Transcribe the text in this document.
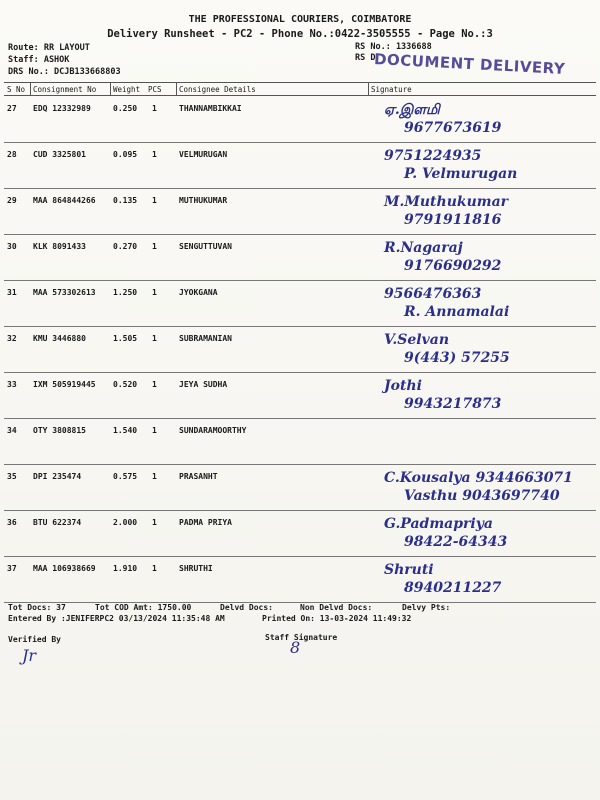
THE PROFESSIONAL COURIERS, COIMBATORE
Delivery Runsheet - PC2 - Phone No.:0422-3505555 - Page No.:3
Route: RR LAYOUT
Staff: ASHOK
DRS No.: DCJB133668803
RS No.: 1336688
RS D
DOCUMENT DELIVERY
S No Consignment No Weight PCS Consignee Details	Signature
27 EDQ 12332989	0.250 1	THANNAMBIKKAI	ஏ.இளமி
9677673619
28 CUD 3325801	0.095 1	VELMURUGAN	9751224935
P. Velmurugan
29 MAA 864844266 0.135 1	MUTHUKUMAR	M.Muthukumar
9791911816
30 KLK 8091433	0.270 1	SENGUTTUVAN	R.Nagaraj
9176690292
31 MAA 573302613 1.250 1	JYOKGANA	9566476363
R. Annamalai
32 KMU 3446880	1.505 1	SUBRAMANIAN	V.Selvan
9(443) 57255
33 IXM 505919445 0.520 1	JEYA SUDHA	Jothi
9943217873
34 OTY 3808815	1.540 1	SUNDARAMOORTHY
35 DPI 235474	0.575 1	PRASANHT	C.Kousalya 9344663071
Vasthu 9043697740
36 BTU 622374	2.000 1	PADMA PRIYA	G.Padmapriya
98422-64343
37 MAA 106938669 1.910 1	SHRUTHI	Shruti
8940211227
Tot Docs: 37	Tot COD Amt: 1750.00	Delvd Docs:	Non Delvd Docs:	Delvy Pts:
Entered By :JENIFERPC2 03/13/2024 11:35:48 AM	Printed On: 13-03-2024 11:49:32
Verified By	Staff Signature
Jr	8
